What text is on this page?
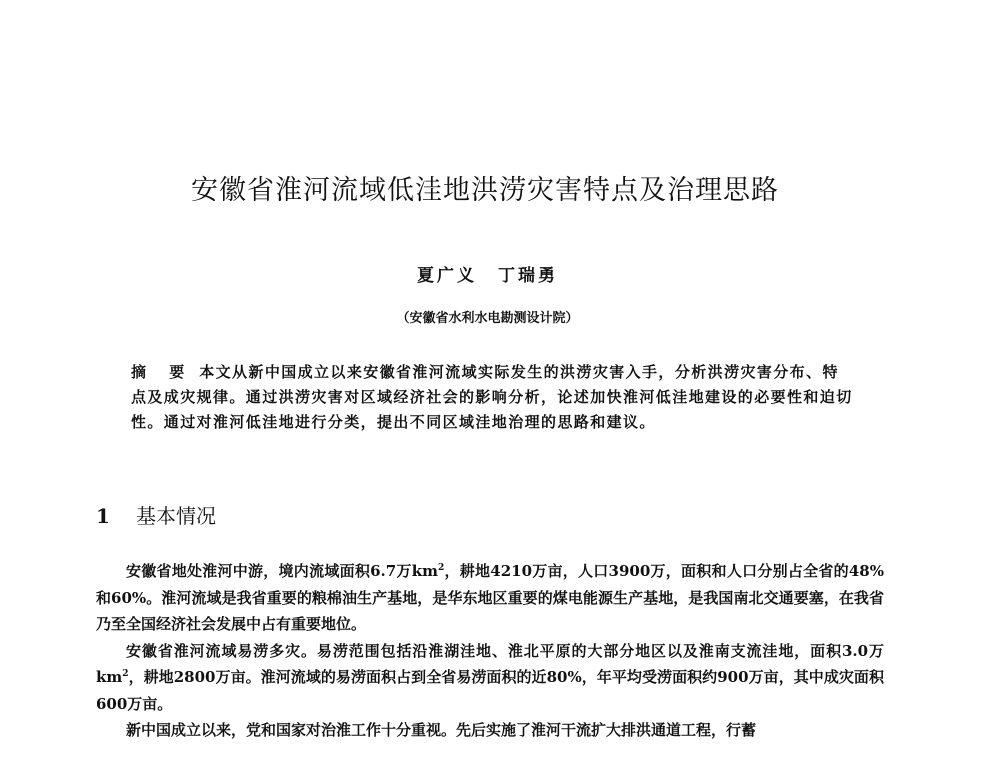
安徽省淮河流域低洼地洪涝灾害特点及治理思路
夏广义 丁瑞勇
（安徽省水利水电勘测设计院）

摘 要 本文从新中国成立以来安徽省淮河流域实际发生的洪涝灾害入手，分析洪涝灾害分布、特点及成灾规律。通过洪涝灾害对区域经济社会的影响分析，论述加快淮河低洼地建设的必要性和迫切性。通过对淮河低洼地进行分类，提出不同区域洼地治理的思路和建议。

1 基本情况

安徽省地处淮河中游，境内流域面积6.7万$km^2$，耕地4210万亩，人口3900万，面积和人口分别占全省的48%和60%。淮河流域是我省重要的粮棉油生产基地，是华东地区重要的煤电能源生产基地，是我国南北交通要塞，在我省乃至全国经济社会发展中占有重要地位。

安徽省淮河流域易涝多灾。易涝范围包括沿淮湖洼地、淮北平原的大部分地区以及淮南支流洼地，面积3.0万$km^2$，耕地2800万亩。淮河流域的易涝面积占到全省易涝面积的近80%，年平均受涝面积约900万亩，其中成灾面积600万亩。

新中国成立以来，党和国家对治淮工作十分重视。先后实施了淮河干流扩大排洪通道工程，行蓄
